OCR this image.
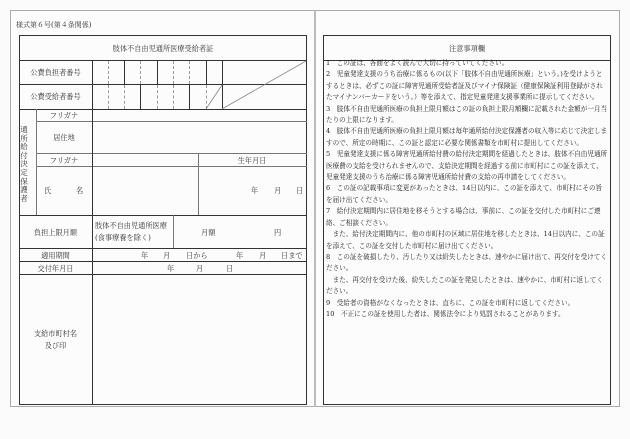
様式第６号(第４条関係)
肢体不自由児通所医療受給者証
公費負担者番号
公費受給者番号
通所給付決定保護者
フリガナ
居住地
フリガナ	生年月日
氏	名	年 月 日
負担上限月額
肢体不自由児通所医療
(食事療養を除く)
月額	円
適用期間	年 月 日から	年 月 日まで
交付年月日	年	月	日
支給市町村名
及び印
注意事項欄

1　この証は、各面をよく読んで大切に持っていてください。

2　児童発達支援のうち治療に係るもの(以下「肢体不自由児通所医療」という。)を受けようとするときは、必ずこの証に障害児通所受給者証及びマイナ保険証（健康保険証利用登録がされたマイナンバーカードをいう。）等を添えて、指定児童発達支援事業所に提示してください。

3　肢体不自由児通所医療の負担上限月額はこの証の負担上限月額欄に記載された金額が一月当たりの上限になります。

4　肢体不自由児通所医療の負担上限月額は毎年通所給付決定保護者の収入等に応じて決定しますので、所定の時期に、この証と認定に必要な関係書類を市町村に提出してください。

5　児童発達支援に係る障害児通所給付費の給付決定期間を経過したときは、肢体不自由児通所医療費の支給を受けられませんので、支給決定期間を経過する前に市町村にこの証を添えて、児童発達支援のうち治療に係る障害児通所給付費の支給の再申請をしてください。

6　この証の記載事項に変更があったときは、14日以内に、この証を添えて、市町村にその旨を届け出てください。

7　給付決定期間内に居住地を移そうとする場合は、事前に、この証を交付した市町村にご連絡、ご相談ください。

　また、給付決定期間内に、他の市町村の区域に居住地を移したときは、14日以内に、この証を添えて、この証を交付した市町村に届け出てください。

8　この証を破損したり、汚したり又は紛失したときは、速やかに届け出て、再交付を受けてください。

　また、再交付を受けた後、紛失したこの証を発見したときは、速やかに、市町村に返してください。

9　受給者の資格がなくなったときは、直ちに、この証を市町村に返してください。

10　不正にこの証を使用した者は、関係法令により処罰されることがあります。
